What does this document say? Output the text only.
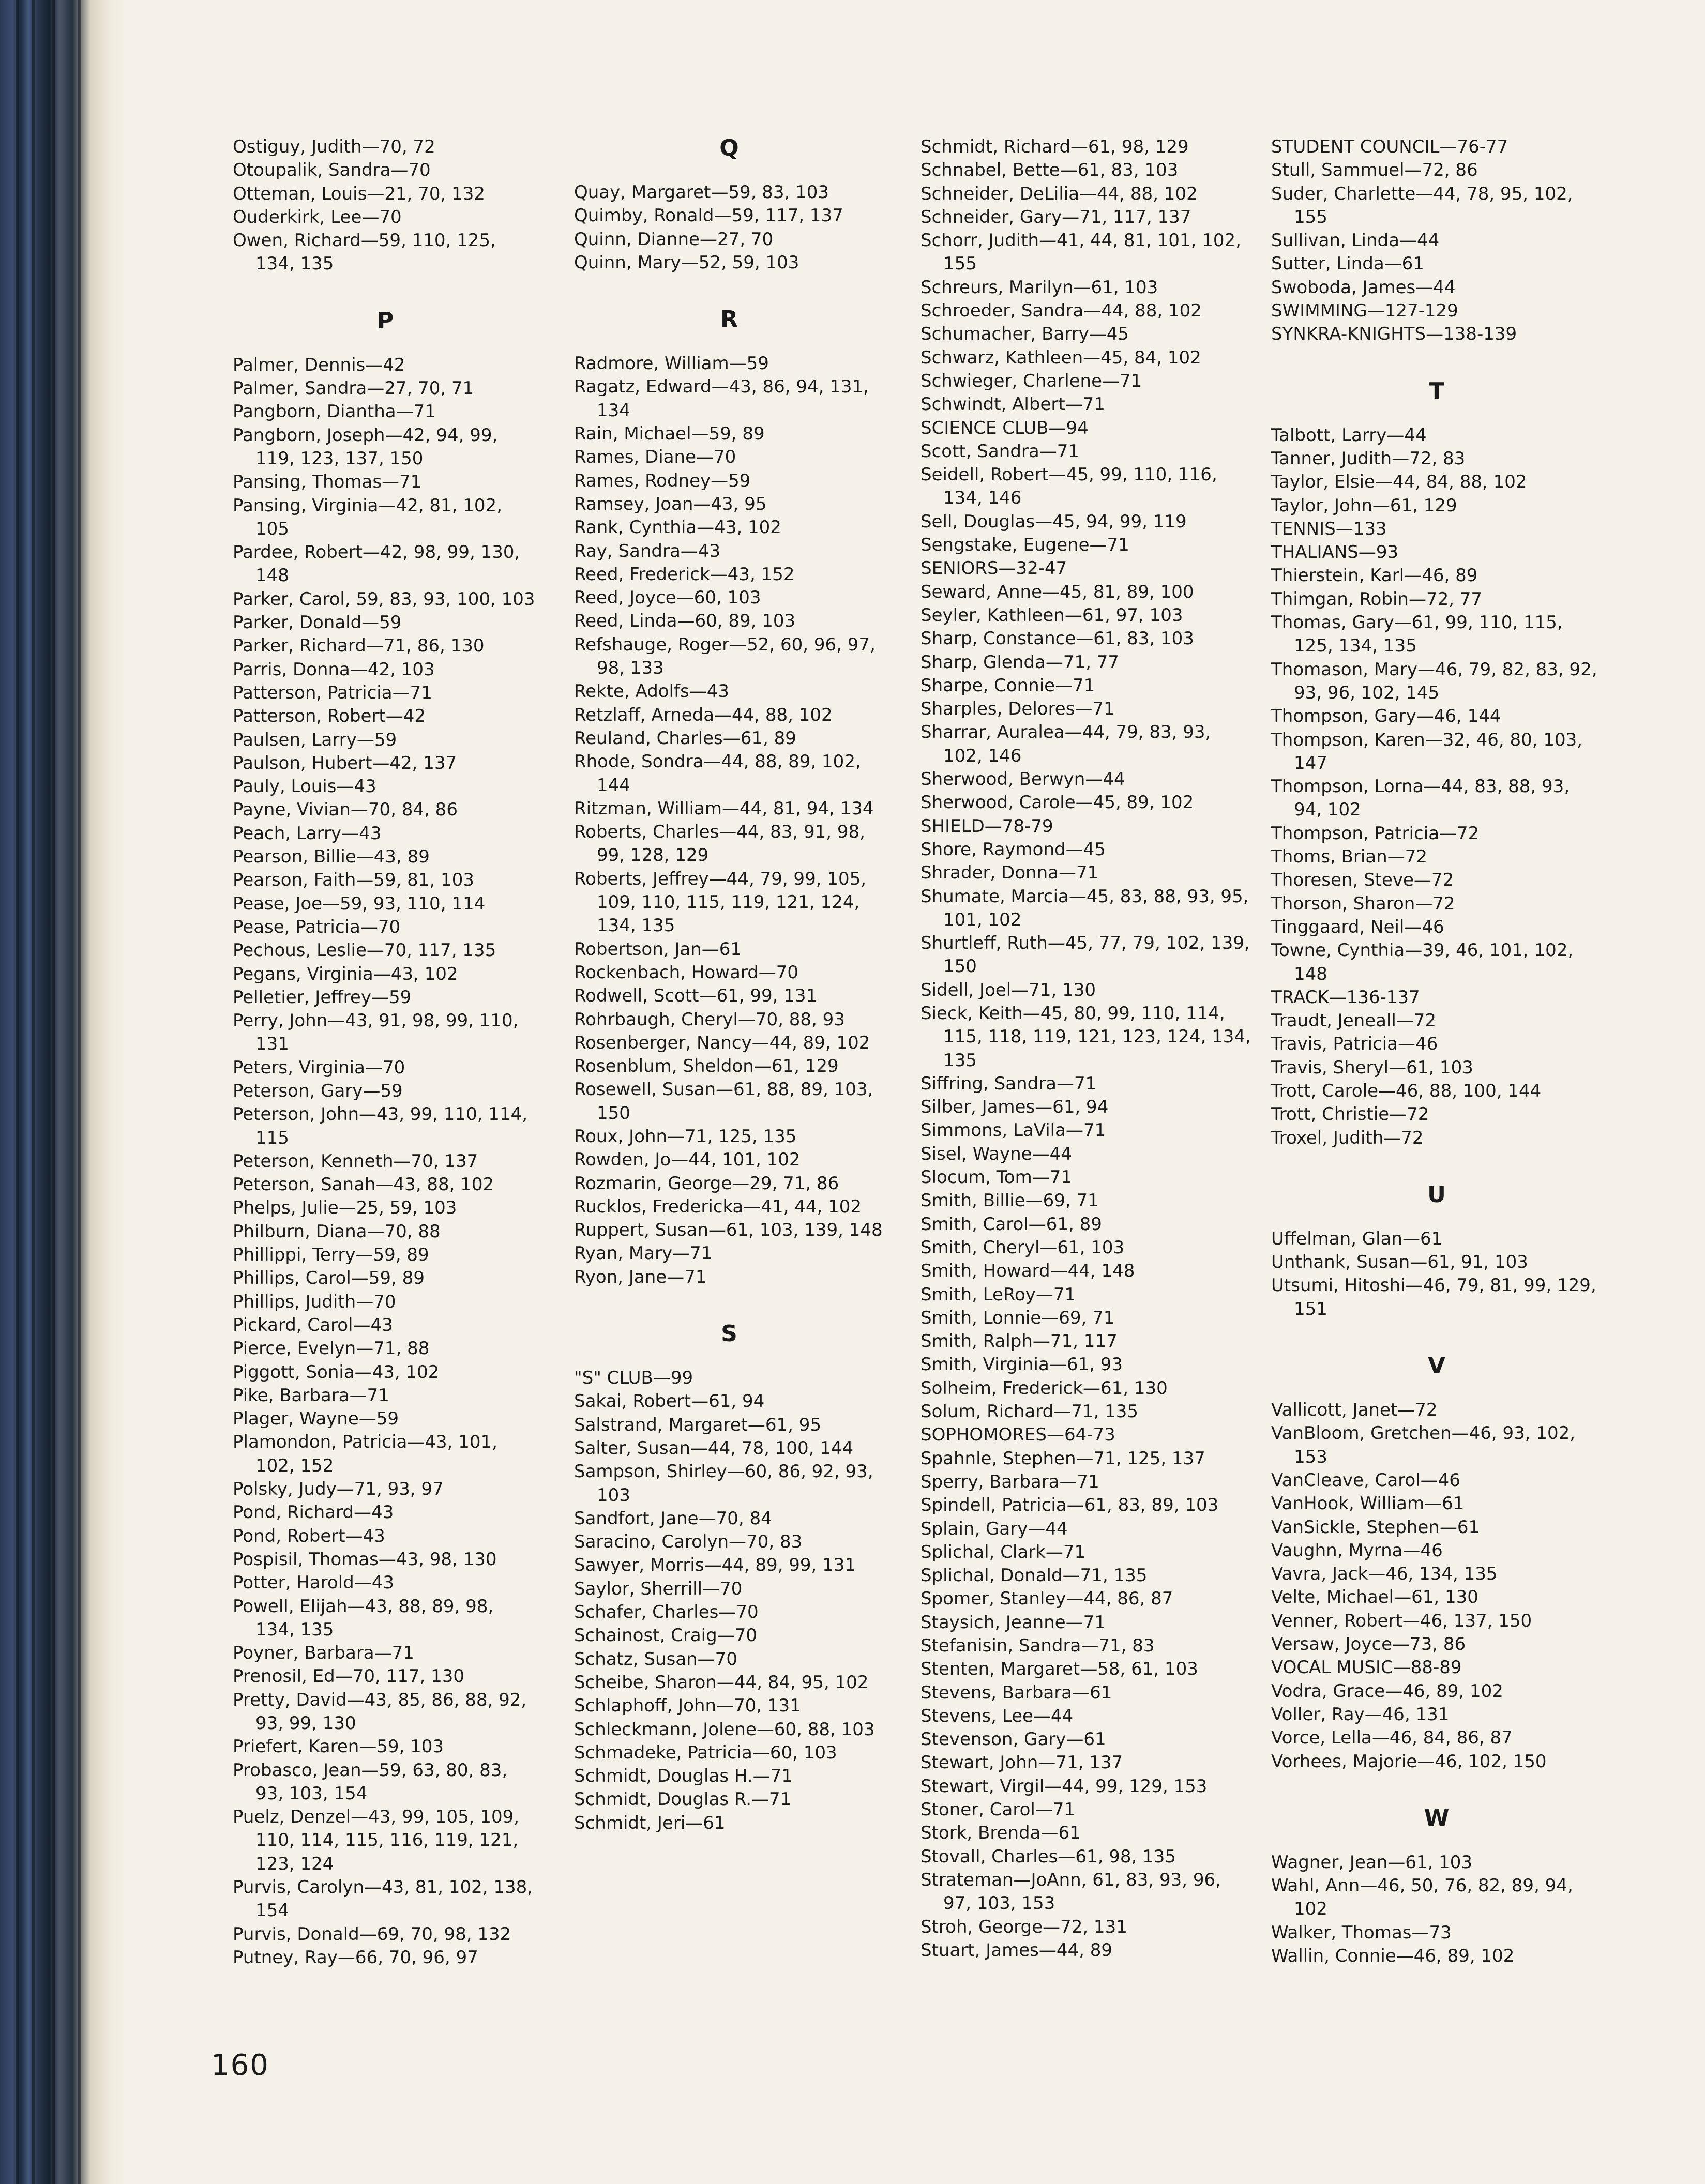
Ostiguy, Judith—70, 72
Otoupalik, Sandra—70
Otteman, Louis—21, 70, 132
Ouderkirk, Lee—70
Owen, Richard—59, 110, 125, 134, 135
P
Palmer, Dennis—42
Palmer, Sandra—27, 70, 71
Pangborn, Diantha—71
Pangborn, Joseph—42, 94, 99, 119, 123, 137, 150
Pansing, Thomas—71
Pansing, Virginia—42, 81, 102, 105
Pardee, Robert—42, 98, 99, 130, 148
Parker, Carol, 59, 83, 93, 100, 103
Parker, Donald—59
Parker, Richard—71, 86, 130
Parris, Donna—42, 103
Patterson, Patricia—71
Patterson, Robert—42
Paulsen, Larry—59
Paulson, Hubert—42, 137
Pauly, Louis—43
Payne, Vivian—70, 84, 86
Peach, Larry—43
Pearson, Billie—43, 89
Pearson, Faith—59, 81, 103
Pease, Joe—59, 93, 110, 114
Pease, Patricia—70
Pechous, Leslie—70, 117, 135
Pegans, Virginia—43, 102
Pelletier, Jeffrey—59
Perry, John—43, 91, 98, 99, 110, 131
Peters, Virginia—70
Peterson, Gary—59
Peterson, John—43, 99, 110, 114, 115
Peterson, Kenneth—70, 137
Peterson, Sanah—43, 88, 102
Phelps, Julie—25, 59, 103
Philburn, Diana—70, 88
Phillippi, Terry—59, 89
Phillips, Carol—59, 89
Phillips, Judith—70
Pickard, Carol—43
Pierce, Evelyn—71, 88
Piggott, Sonia—43, 102
Pike, Barbara—71
Plager, Wayne—59
Plamondon, Patricia—43, 101, 102, 152
Polsky, Judy—71, 93, 97
Pond, Richard—43
Pond, Robert—43
Pospisil, Thomas—43, 98, 130
Potter, Harold—43
Powell, Elijah—43, 88, 89, 98, 134, 135
Poyner, Barbara—71
Prenosil, Ed—70, 117, 130
Pretty, David—43, 85, 86, 88, 92, 93, 99, 130
Priefert, Karen—59, 103
Probasco, Jean—59, 63, 80, 83, 93, 103, 154
Puelz, Denzel—43, 99, 105, 109, 110, 114, 115, 116, 119, 121, 123, 124
Purvis, Carolyn—43, 81, 102, 138, 154
Purvis, Donald—69, 70, 98, 132
Putney, Ray—66, 70, 96, 97
Q
Quay, Margaret—59, 83, 103
Quimby, Ronald—59, 117, 137
Quinn, Dianne—27, 70
Quinn, Mary—52, 59, 103
R
Radmore, William—59
Ragatz, Edward—43, 86, 94, 131, 134
Rain, Michael—59, 89
Rames, Diane—70
Rames, Rodney—59
Ramsey, Joan—43, 95
Rank, Cynthia—43, 102
Ray, Sandra—43
Reed, Frederick—43, 152
Reed, Joyce—60, 103
Reed, Linda—60, 89, 103
Refshauge, Roger—52, 60, 96, 97, 98, 133
Rekte, Adolfs—43
Retzlaff, Arneda—44, 88, 102
Reuland, Charles—61, 89
Rhode, Sondra—44, 88, 89, 102, 144
Ritzman, William—44, 81, 94, 134
Roberts, Charles—44, 83, 91, 98, 99, 128, 129
Roberts, Jeffrey—44, 79, 99, 105, 109, 110, 115, 119, 121, 124, 134, 135
Robertson, Jan—61
Rockenbach, Howard—70
Rodwell, Scott—61, 99, 131
Rohrbaugh, Cheryl—70, 88, 93
Rosenberger, Nancy—44, 89, 102
Rosenblum, Sheldon—61, 129
Rosewell, Susan—61, 88, 89, 103, 150
Roux, John—71, 125, 135
Rowden, Jo—44, 101, 102
Rozmarin, George—29, 71, 86
Rucklos, Fredericka—41, 44, 102
Ruppert, Susan—61, 103, 139, 148
Ryan, Mary—71
Ryon, Jane—71
S
"S" CLUB—99
Sakai, Robert—61, 94
Salstrand, Margaret—61, 95
Salter, Susan—44, 78, 100, 144
Sampson, Shirley—60, 86, 92, 93, 103
Sandfort, Jane—70, 84
Saracino, Carolyn—70, 83
Sawyer, Morris—44, 89, 99, 131
Saylor, Sherrill—70
Schafer, Charles—70
Schainost, Craig—70
Schatz, Susan—70
Scheibe, Sharon—44, 84, 95, 102
Schlaphoff, John—70, 131
Schleckmann, Jolene—60, 88, 103
Schmadeke, Patricia—60, 103
Schmidt, Douglas H.—71
Schmidt, Douglas R.—71
Schmidt, Jeri—61
Schmidt, Richard—61, 98, 129
Schnabel, Bette—61, 83, 103
Schneider, DeLilia—44, 88, 102
Schneider, Gary—71, 117, 137
Schorr, Judith—41, 44, 81, 101, 102, 155
Schreurs, Marilyn—61, 103
Schroeder, Sandra—44, 88, 102
Schumacher, Barry—45
Schwarz, Kathleen—45, 84, 102
Schwieger, Charlene—71
Schwindt, Albert—71
SCIENCE CLUB—94
Scott, Sandra—71
Seidell, Robert—45, 99, 110, 116, 134, 146
Sell, Douglas—45, 94, 99, 119
Sengstake, Eugene—71
SENIORS—32-47
Seward, Anne—45, 81, 89, 100
Seyler, Kathleen—61, 97, 103
Sharp, Constance—61, 83, 103
Sharp, Glenda—71, 77
Sharpe, Connie—71
Sharples, Delores—71
Sharrar, Auralea—44, 79, 83, 93, 102, 146
Sherwood, Berwyn—44
Sherwood, Carole—45, 89, 102
SHIELD—78-79
Shore, Raymond—45
Shrader, Donna—71
Shumate, Marcia—45, 83, 88, 93, 95, 101, 102
Shurtleff, Ruth—45, 77, 79, 102, 139, 150
Sidell, Joel—71, 130
Sieck, Keith—45, 80, 99, 110, 114, 115, 118, 119, 121, 123, 124, 134, 135
Siffring, Sandra—71
Silber, James—61, 94
Simmons, LaVila—71
Sisel, Wayne—44
Slocum, Tom—71
Smith, Billie—69, 71
Smith, Carol—61, 89
Smith, Cheryl—61, 103
Smith, Howard—44, 148
Smith, LeRoy—71
Smith, Lonnie—69, 71
Smith, Ralph—71, 117
Smith, Virginia—61, 93
Solheim, Frederick—61, 130
Solum, Richard—71, 135
SOPHOMORES—64-73
Spahnle, Stephen—71, 125, 137
Sperry, Barbara—71
Spindell, Patricia—61, 83, 89, 103
Splain, Gary—44
Splichal, Clark—71
Splichal, Donald—71, 135
Spomer, Stanley—44, 86, 87
Staysich, Jeanne—71
Stefanisin, Sandra—71, 83
Stenten, Margaret—58, 61, 103
Stevens, Barbara—61
Stevens, Lee—44
Stevenson, Gary—61
Stewart, John—71, 137
Stewart, Virgil—44, 99, 129, 153
Stoner, Carol—71
Stork, Brenda—61
Stovall, Charles—61, 98, 135
Strateman—JoAnn, 61, 83, 93, 96, 97, 103, 153
Stroh, George—72, 131
Stuart, James—44, 89
STUDENT COUNCIL—76-77
Stull, Sammuel—72, 86
Suder, Charlette—44, 78, 95, 102, 155
Sullivan, Linda—44
Sutter, Linda—61
Swoboda, James—44
SWIMMING—127-129
SYNKRA-KNIGHTS—138-139
T
Talbott, Larry—44
Tanner, Judith—72, 83
Taylor, Elsie—44, 84, 88, 102
Taylor, John—61, 129
TENNIS—133
THALIANS—93
Thierstein, Karl—46, 89
Thimgan, Robin—72, 77
Thomas, Gary—61, 99, 110, 115, 125, 134, 135
Thomason, Mary—46, 79, 82, 83, 92, 93, 96, 102, 145
Thompson, Gary—46, 144
Thompson, Karen—32, 46, 80, 103, 147
Thompson, Lorna—44, 83, 88, 93, 94, 102
Thompson, Patricia—72
Thoms, Brian—72
Thoresen, Steve—72
Thorson, Sharon—72
Tinggaard, Neil—46
Towne, Cynthia—39, 46, 101, 102, 148
TRACK—136-137
Traudt, Jeneall—72
Travis, Patricia—46
Travis, Sheryl—61, 103
Trott, Carole—46, 88, 100, 144
Trott, Christie—72
Troxel, Judith—72
U
Uffelman, Glan—61
Unthank, Susan—61, 91, 103
Utsumi, Hitoshi—46, 79, 81, 99, 129, 151
V
Vallicott, Janet—72
VanBloom, Gretchen—46, 93, 102, 153
VanCleave, Carol—46
VanHook, William—61
VanSickle, Stephen—61
Vaughn, Myrna—46
Vavra, Jack—46, 134, 135
Velte, Michael—61, 130
Venner, Robert—46, 137, 150
Versaw, Joyce—73, 86
VOCAL MUSIC—88-89
Vodra, Grace—46, 89, 102
Voller, Ray—46, 131
Vorce, Lella—46, 84, 86, 87
Vorhees, Majorie—46, 102, 150
W
Wagner, Jean—61, 103
Wahl, Ann—46, 50, 76, 82, 89, 94, 102
Walker, Thomas—73
Wallin, Connie—46, 89, 102
160
